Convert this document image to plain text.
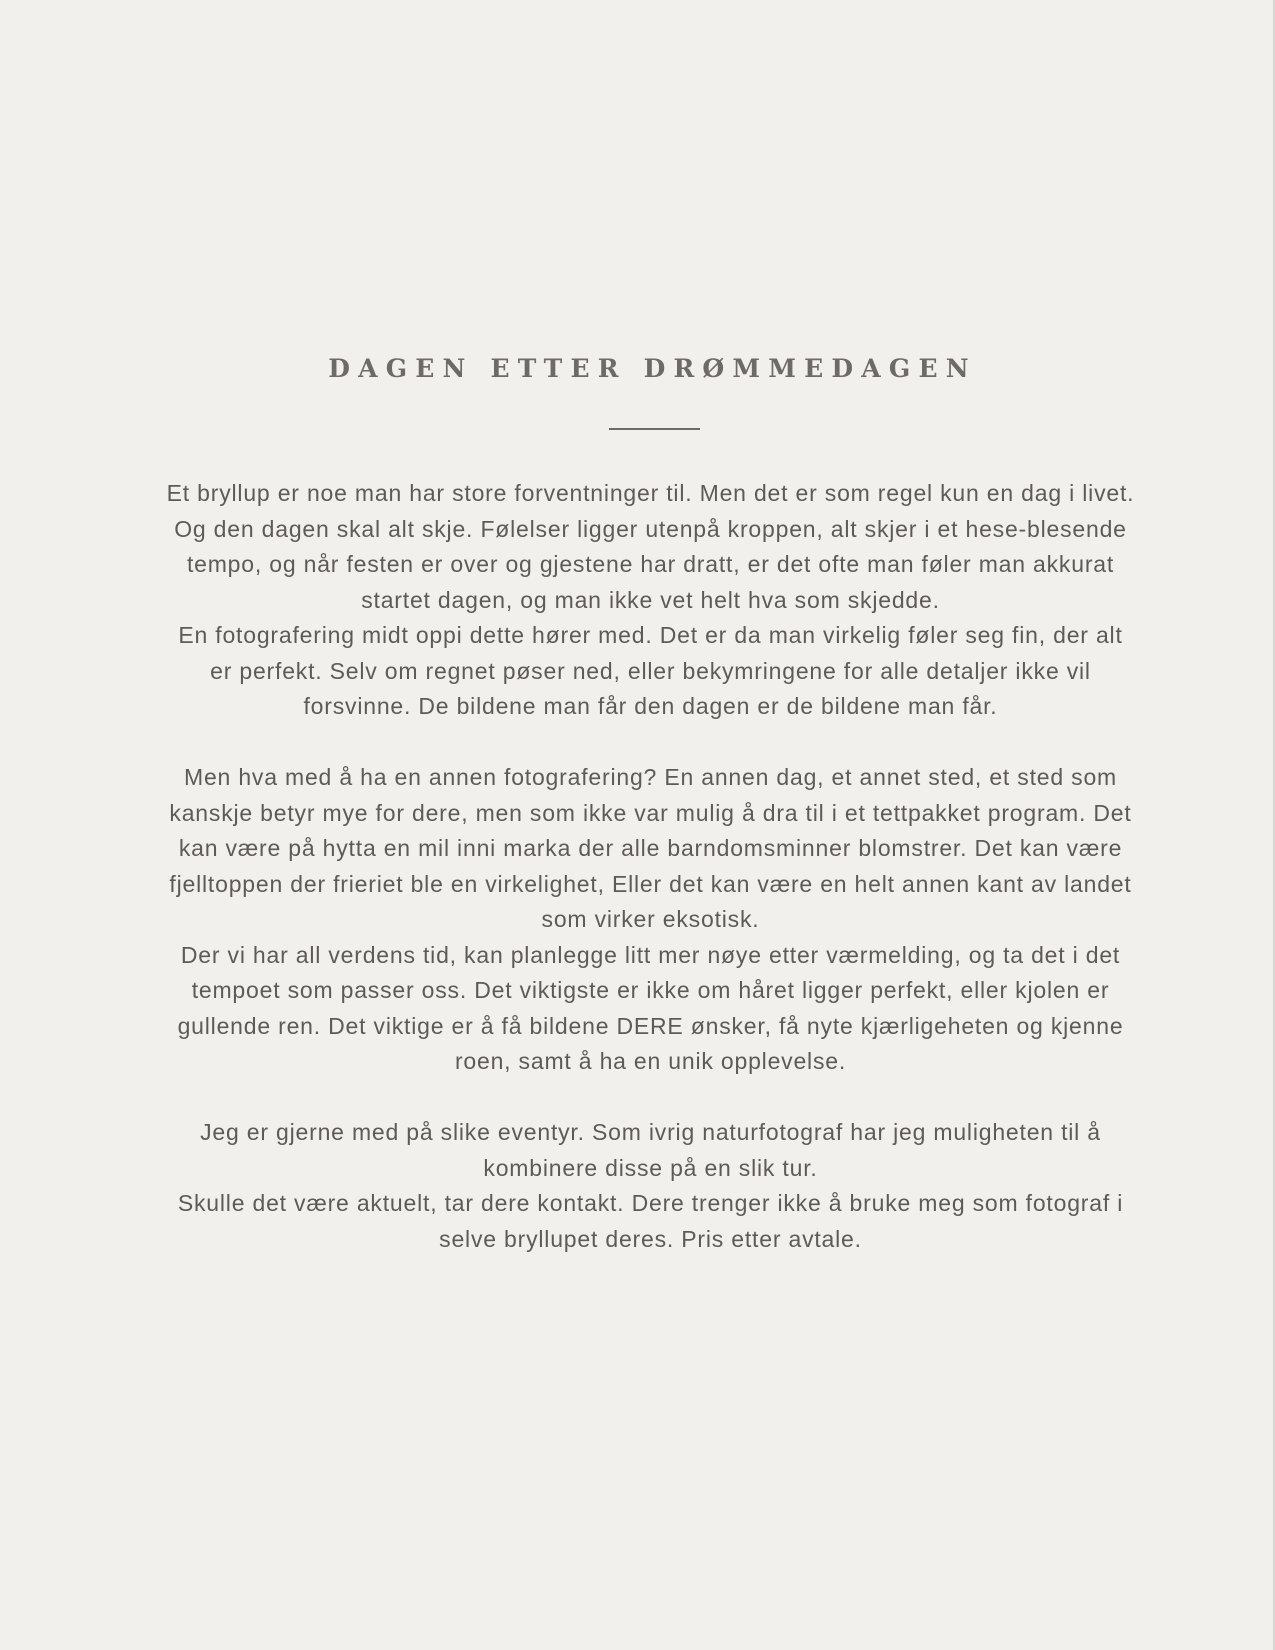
DAGEN ETTER DRØMMEDAGEN

Et bryllup er noe man har store forventninger til. Men det er som regel kun en dag i livet. Og den dagen skal alt skje. Følelser ligger utenpå kroppen, alt skjer i et hese-blesende tempo, og når festen er over og gjestene har dratt, er det ofte man føler man akkurat startet dagen, og man ikke vet helt hva som skjedde.

En fotografering midt oppi dette hører med. Det er da man virkelig føler seg fin, der alt er perfekt. Selv om regnet pøser ned, eller bekymringene for alle detaljer ikke vil forsvinne. De bildene man får den dagen er de bildene man får.

Men hva med å ha en annen fotografering? En annen dag, et annet sted, et sted som kanskje betyr mye for dere, men som ikke var mulig å dra til i et tettpakket program. Det kan være på hytta en mil inni marka der alle barndomsminner blomstrer. Det kan være fjelltoppen der frieriet ble en virkelighet, Eller det kan være en helt annen kant av landet som virker eksotisk.

Der vi har all verdens tid, kan planlegge litt mer nøye etter værmelding, og ta det i det tempoet som passer oss. Det viktigste er ikke om håret ligger perfekt, eller kjolen er gullende ren. Det viktige er å få bildene DERE ønsker, få nyte kjærligeheten og kjenne roen, samt å ha en unik opplevelse.

Jeg er gjerne med på slike eventyr. Som ivrig naturfotograf har jeg muligheten til å kombinere disse på en slik tur.

Skulle det være aktuelt, tar dere kontakt. Dere trenger ikke å bruke meg som fotograf i selve bryllupet deres. Pris etter avtale.
